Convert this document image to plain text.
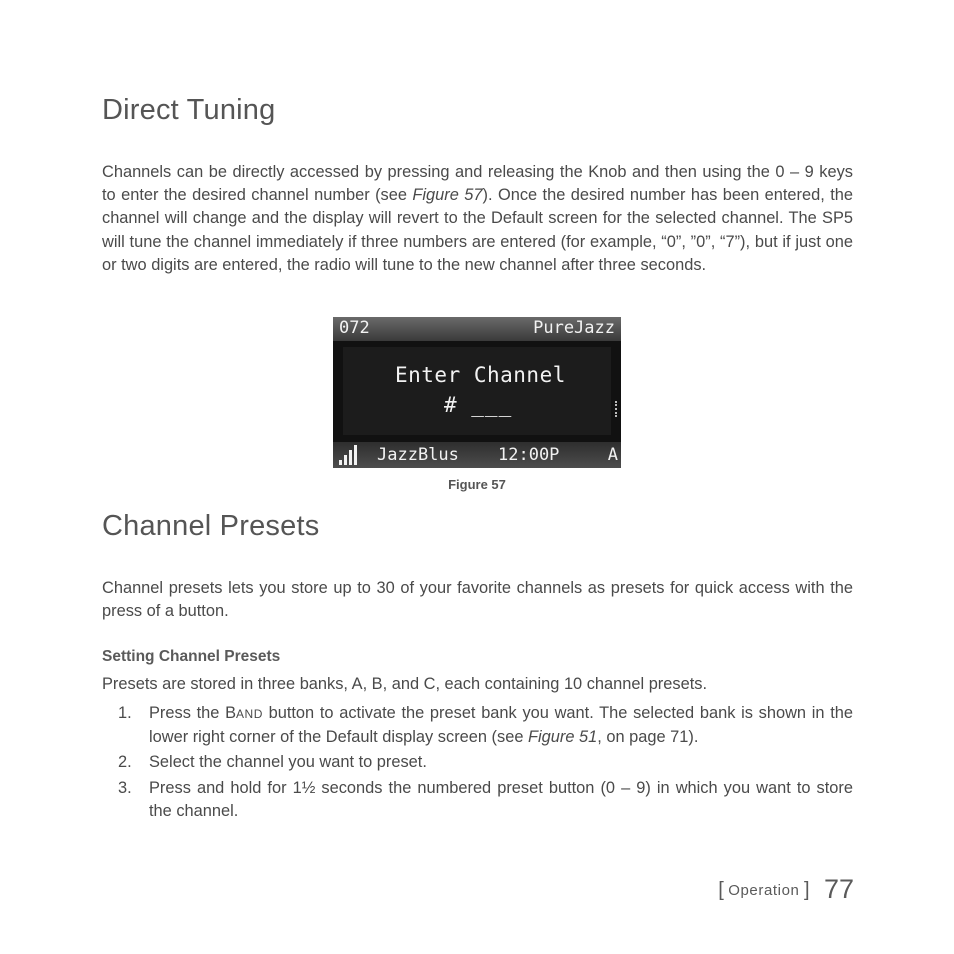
Direct Tuning

Channels can be directly accessed by pressing and releasing the Knob and then using the 0 – 9 keys to enter the desired channel number (see Figure 57). Once the desired number has been entered, the channel will change and the display will revert to the Default screen for the selected channel. The SP5 will tune the channel immediately if three numbers are entered (for example, “0”, ”0”, “7”), but if just one or two digits are entered, the radio will tune to the new channel after three seconds.

072	PureJazz
Enter Channel
# ___
JazzBlus 12:00P	A

Figure 57

Channel Presets

Channel presets lets you store up to 30 of your favorite channels as presets for quick access with the press of a button.

Setting Channel Presets

Presets are stored in three banks, A, B, and C, each containing 10 channel presets.

1. Press the BAND button to activate the preset bank you want. The selected bank is shown in the lower right corner of the Default display screen (see Figure 51, on page 71).
2. Select the channel you want to preset.
3. Press and hold for 1½ seconds the numbered preset button (0 – 9) in which you want to store the channel.
[ Operation ] 77
